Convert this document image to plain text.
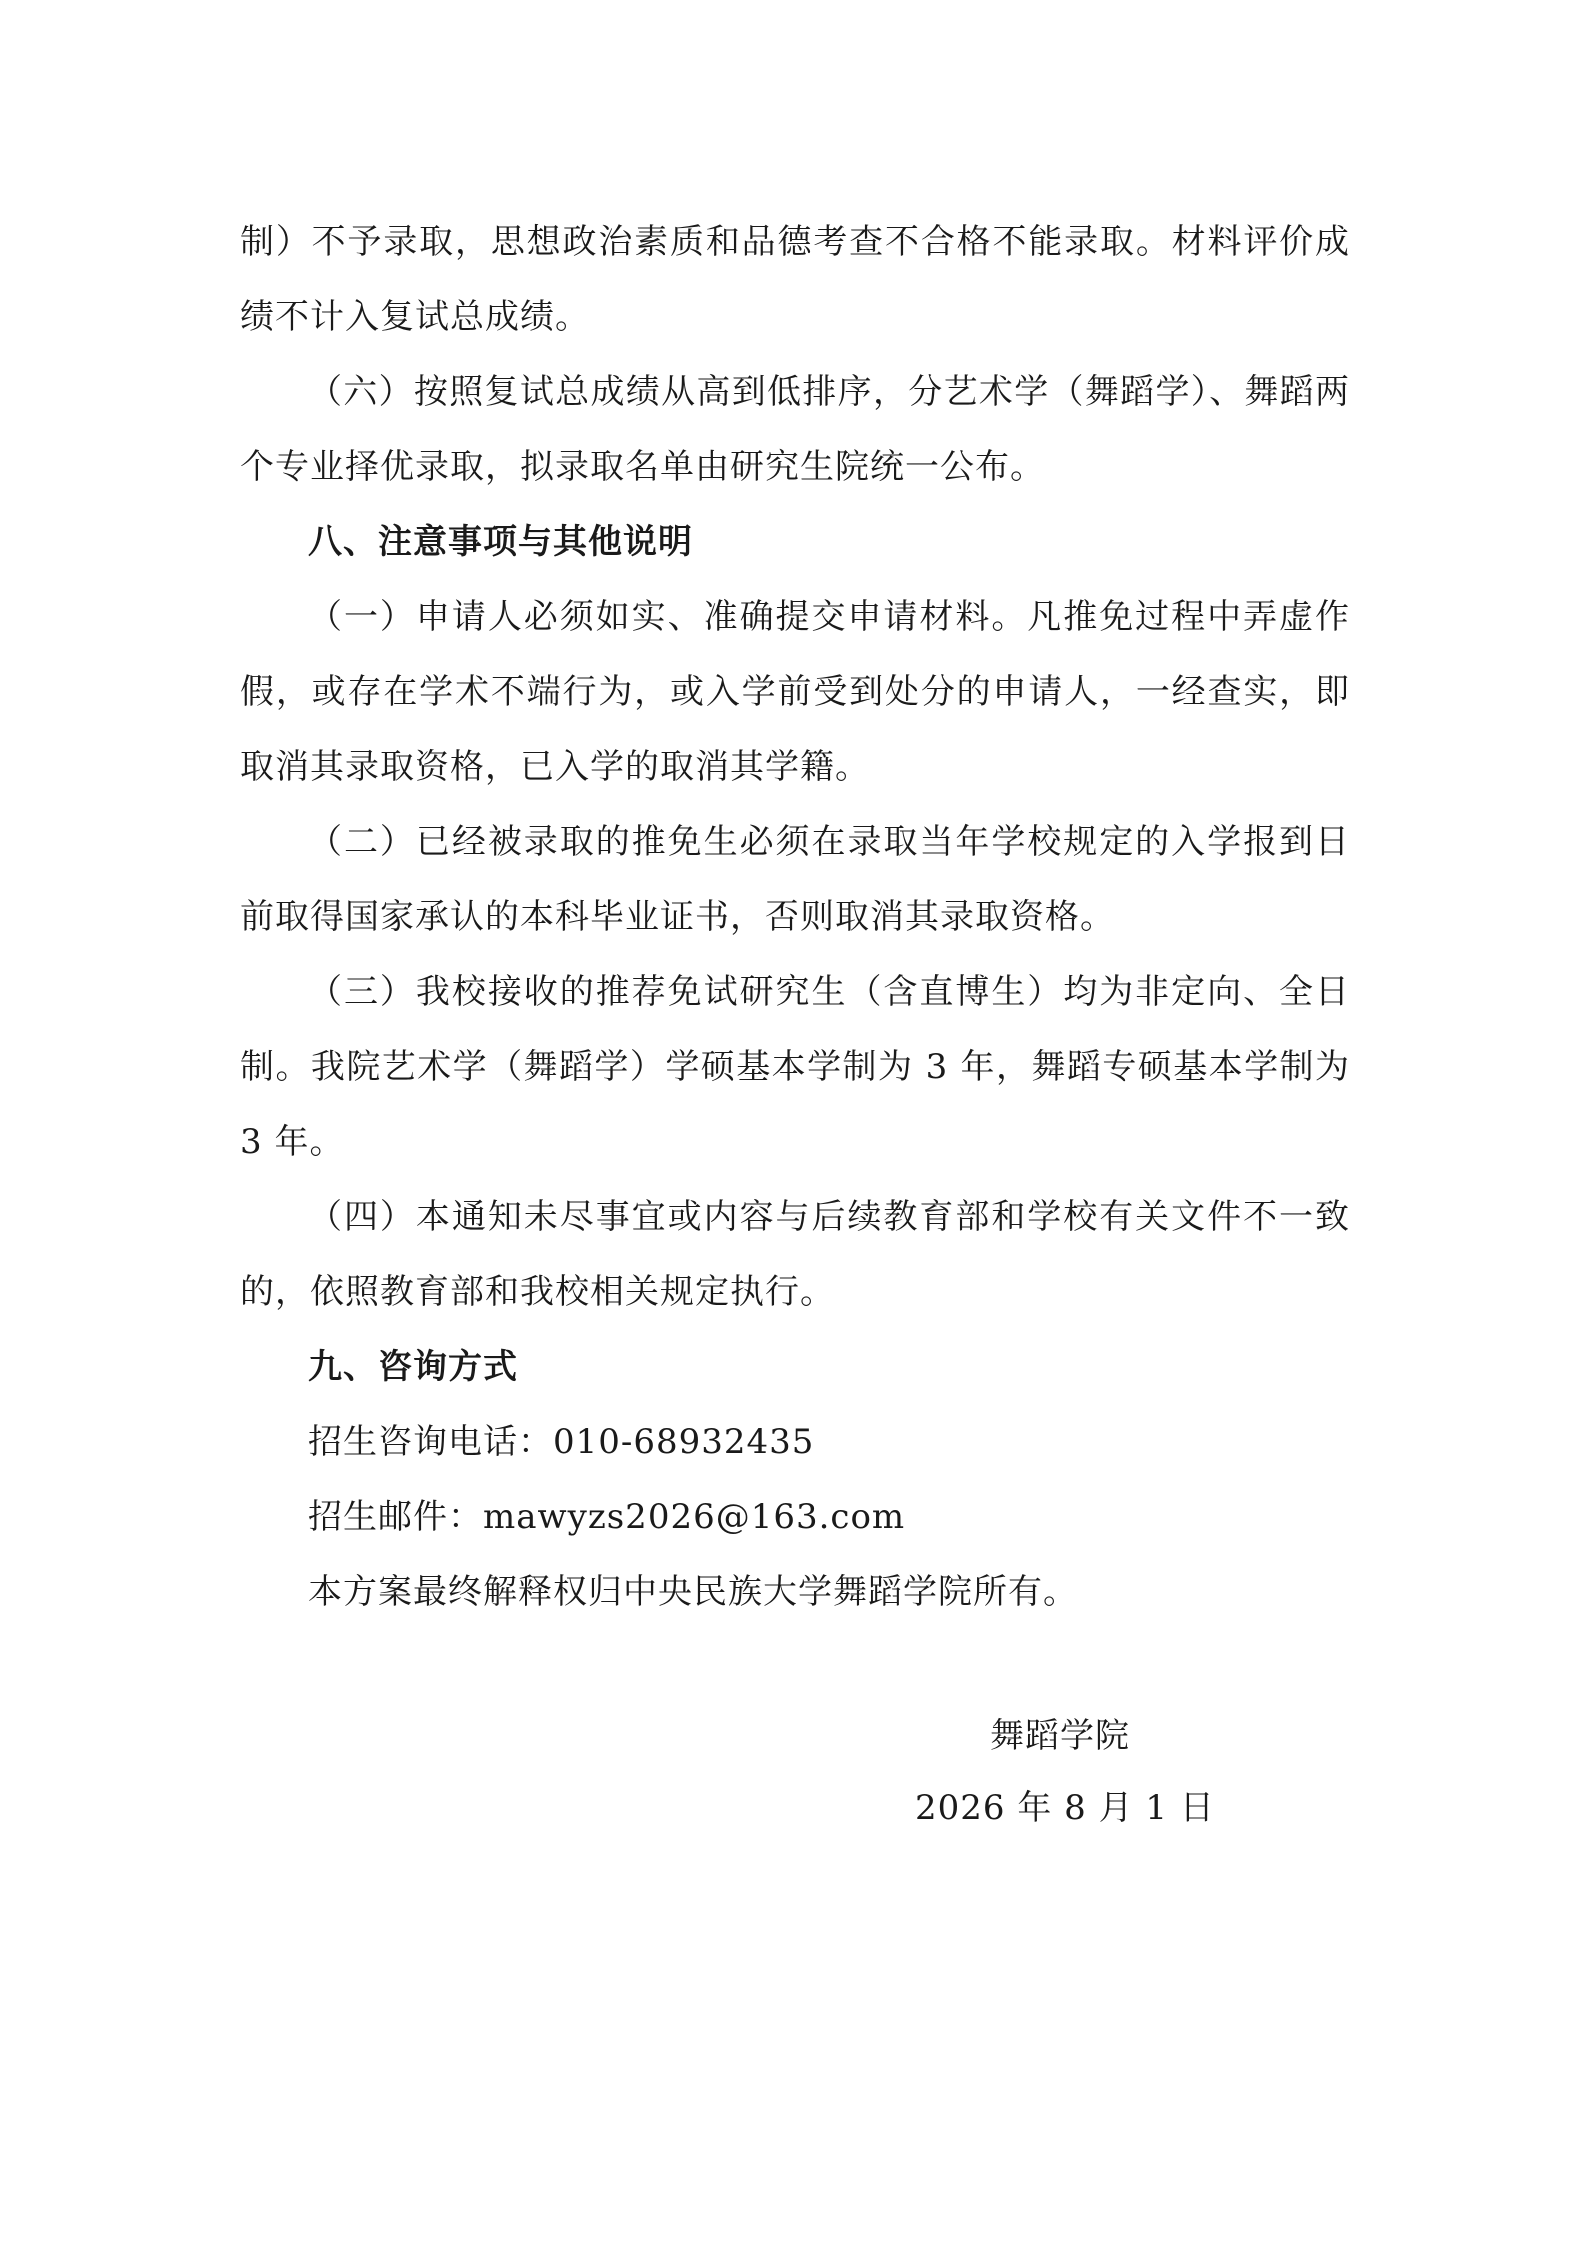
制）不予录取，思想政治素质和品德考查不合格不能录取。材料评价成绩不计入复试总成绩。

（六）按照复试总成绩从高到低排序，分艺术学（舞蹈学）、舞蹈两个专业择优录取，拟录取名单由研究生院统一公布。

八、注意事项与其他说明

（一）申请人必须如实、准确提交申请材料。凡推免过程中弄虚作假，或存在学术不端行为，或入学前受到处分的申请人，一经查实，即取消其录取资格，已入学的取消其学籍。

（二）已经被录取的推免生必须在录取当年学校规定的入学报到日前取得国家承认的本科毕业证书，否则取消其录取资格。

（三）我校接收的推荐免试研究生（含直博生）均为非定向、全日制。我院艺术学（舞蹈学）学硕基本学制为 3 年，舞蹈专硕基本学制为 3 年。

（四）本通知未尽事宜或内容与后续教育部和学校有关文件不一致的，依照教育部和我校相关规定执行。

九、咨询方式

招生咨询电话：010-68932435

招生邮件：mawyzs2026@163.com

本方案最终解释权归中央民族大学舞蹈学院所有。

舞蹈学院
2026 年 8 月 1 日
